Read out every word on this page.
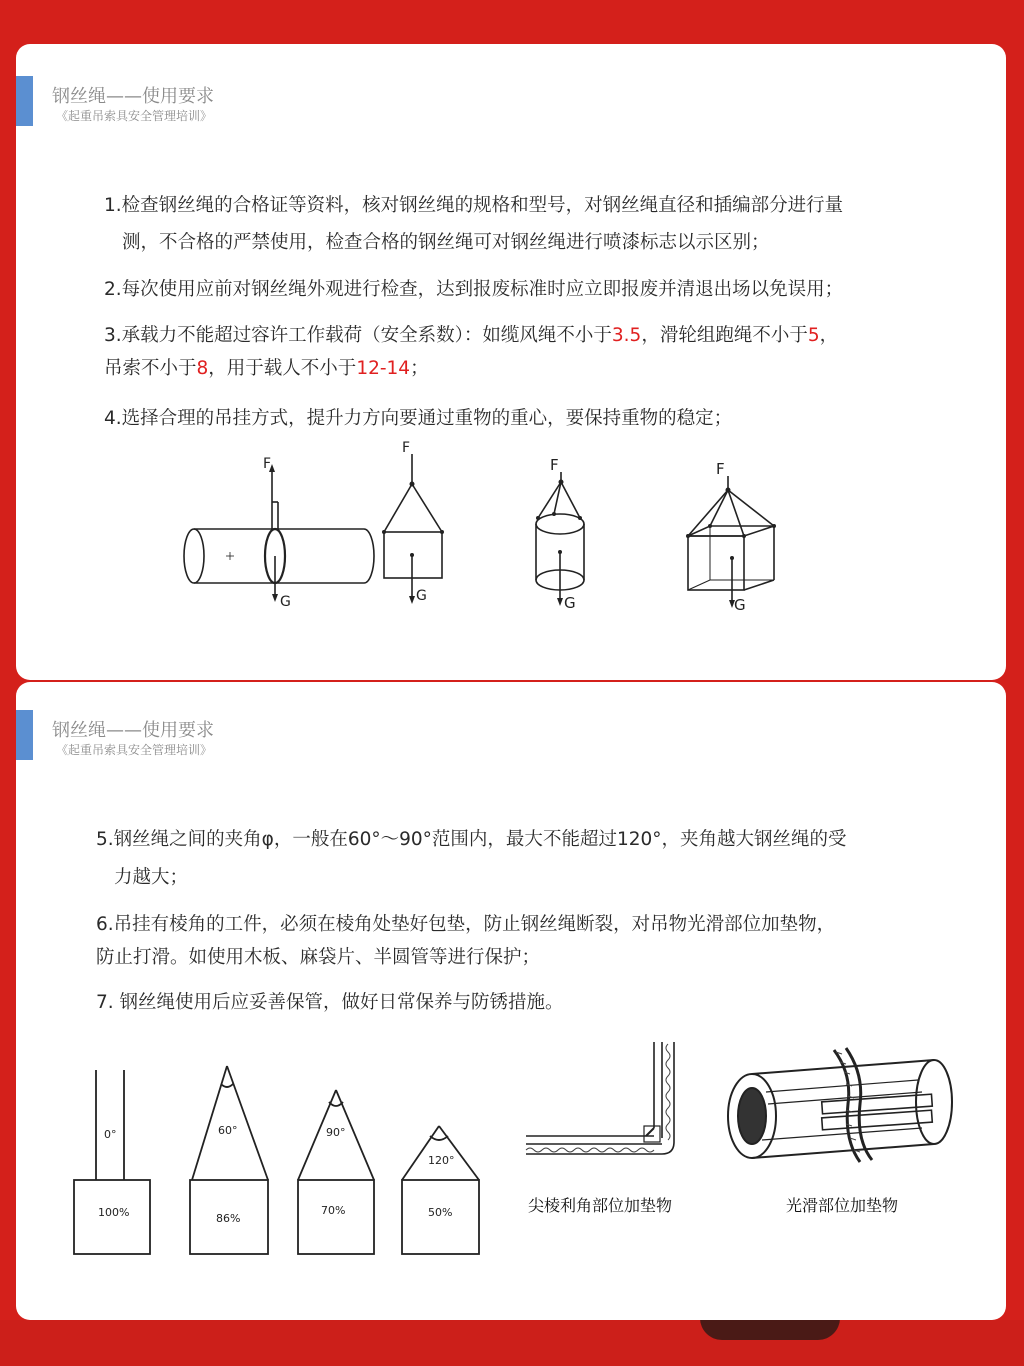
钢丝绳——使用要求
《起重吊索具安全管理培训》
1.检查钢丝绳的合格证等资料，核对钢丝绳的规格和型号，对钢丝绳直径和插编部分进行量
测，不合格的严禁使用，检查合格的钢丝绳可对钢丝绳进行喷漆标志以示区别；
2.每次使用应前对钢丝绳外观进行检查，达到报废标准时应立即报废并清退出场以免误用；
3.承载力不能超过容许工作载荷（安全系数）：如缆风绳不小于3.5，滑轮组跑绳不小于5，
吊索不小于8，用于载人不小于12-14；
4.选择合理的吊挂方式，提升力方向要通过重物的重心，要保持重物的稳定；
F
G
F
G
F
G
F
G
钢丝绳——使用要求
《起重吊索具安全管理培训》
5.钢丝绳之间的夹角φ，一般在60°～90°范围内，最大不能超过120°，夹角越大钢丝绳的受
力越大；
6.吊挂有棱角的工件，必须在棱角处垫好包垫，防止钢丝绳断裂，对吊物光滑部位加垫物，
防止打滑。如使用木板、麻袋片、半圆管等进行保护；
7. 钢丝绳使用后应妥善保管，做好日常保养与防锈措施。
0°	60°	90°
120°
100%	86%
70%	50%	尖棱利角部位加垫物	光滑部位加垫物
